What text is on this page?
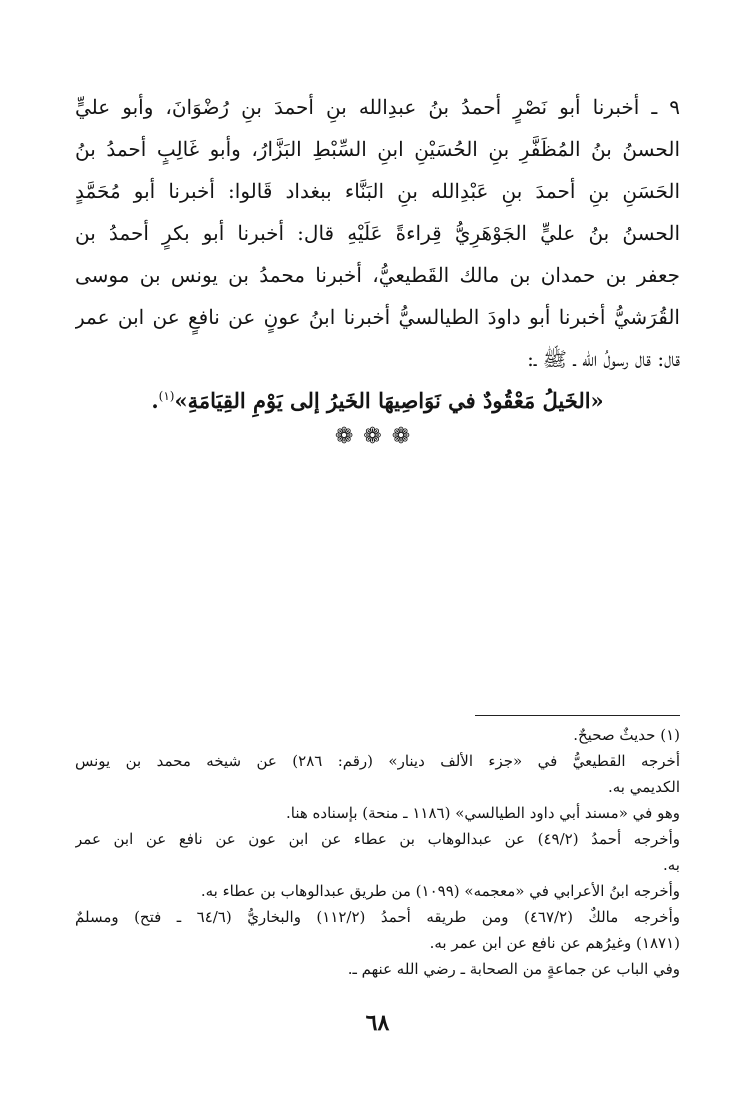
٩ ـ أخبرنا أبو نَصْرٍ أحمدُ بنُ عبدِالله بنِ أحمدَ بنِ رُضْوَانَ، وأبو عليٍّ
الحسنُ بنُ المُظَفَّرِ بنِ الحُسَيْنِ ابنِ السِّبْطِ البَزَّارُ، وأبو غَالِبٍ أحمدُ بنُ
الحَسَنِ بنِ أحمدَ بنِ عَبْدِالله بنِ البَنَّاء ببغداد قَالوا: أخبرنا أبو مُحَمَّدٍ
الحسنُ بنُ عليٍّ الجَوْهَرِيُّ قِراءةً عَلَيْهِ قال: أخبرنا أبو بكرٍ أحمدُ بن
جعفر بن حمدان بن مالك القَطيعيُّ، أخبرنا محمدُ بن يونس بن موسى
القُرَشيُّ أخبرنا أبو داودَ الطيالسيُّ أخبرنا ابنُ عونٍ عن نافعٍ عن ابن عمر
قال: قال رسولُ الله ـ ﷺ ـ:
«الخَيلُ مَعْقُودٌ في نَوَاصِيهَا الخَيرُ إلى يَوْمِ القِيَامَةِ»$^{(١)}$.
❁❁❁
(١) حديثٌ صحيحٌ.
أخرجه القطيعيُّ في «جزء الألف دينار» (رقم: ٢٨٦) عن شيخه محمد بن يونس
الكديمي به.
وهو في «مسند أبي داود الطيالسي» (١١٨٦ ـ منحة) بإسناده هنا.
وأخرجه أحمدُ (٤٩/٢) عن عبدالوهاب بن عطاء عن ابن عون عن نافع عن ابن عمر
به.
وأخرجه ابنُ الأعرابي في «معجمه» (١٠٩٩) من طريق عبدالوهاب بن عطاء به.
وأخرجه مالكٌ (٤٦٧/٢) ومن طريقه أحمدُ (١١٢/٢) والبخاريُّ (٦٤/٦ ـ فتح) ومسلمٌ
(١٨٧١) وغيرُهم عن نافع عن ابن عمر به.
وفي الباب عن جماعةٍ من الصحابة ـ رضي الله عنهم ـ.
٦٨
